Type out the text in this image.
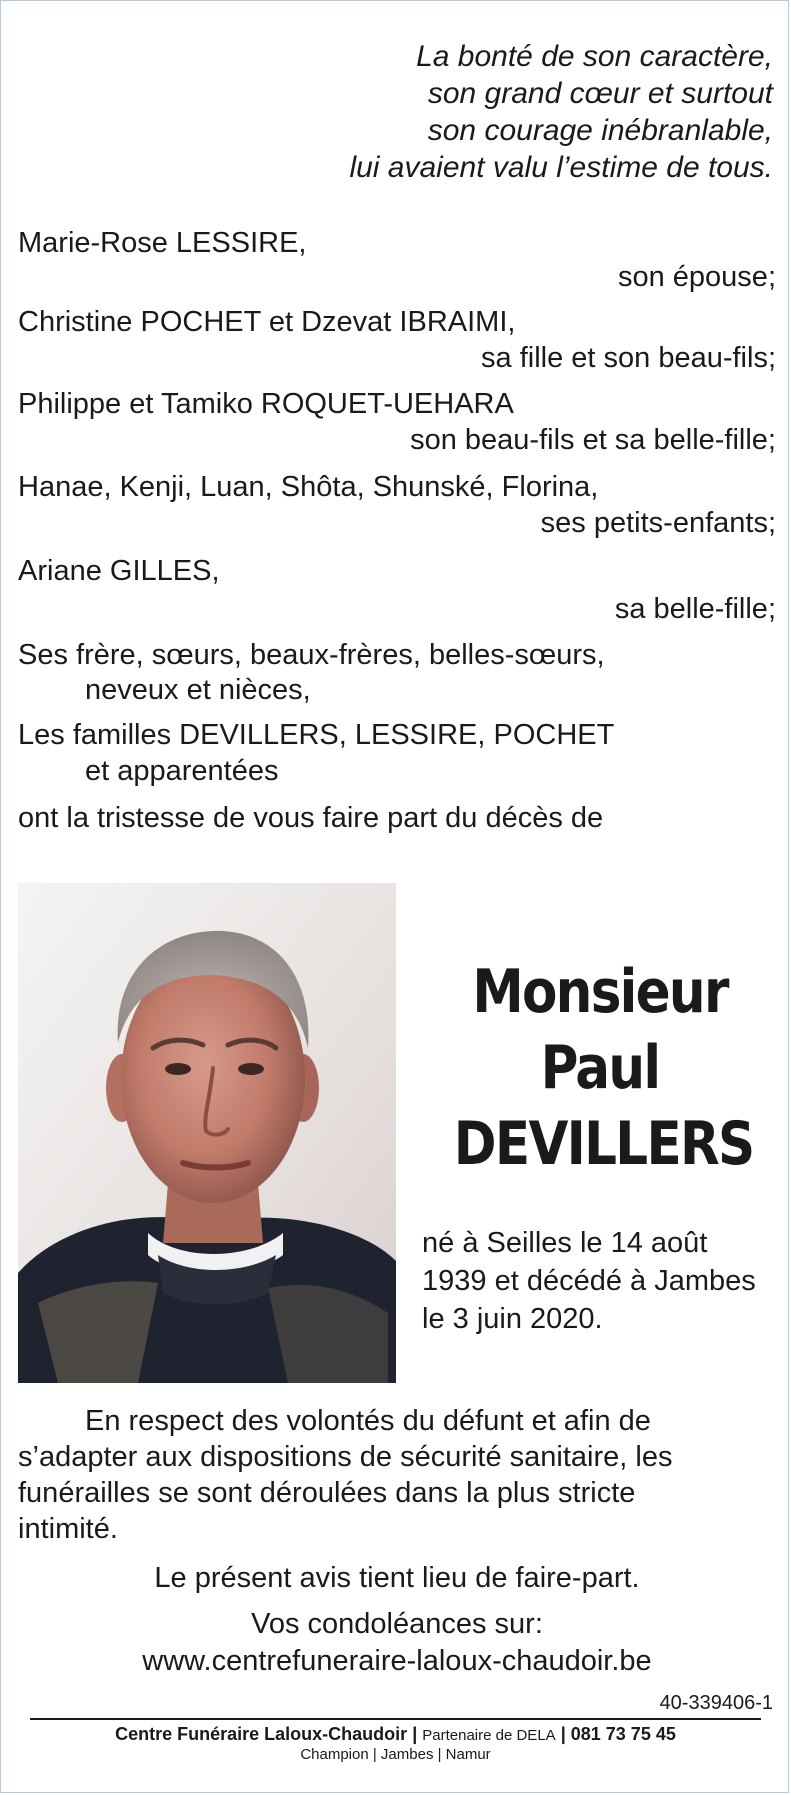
La bonté de son caractère,
son grand cœur et surtout
son courage inébranlable,
lui avaient valu l’estime de tous.
Marie-Rose LESSIRE,
son épouse;
Christine POCHET et Dzevat IBRAIMI,
sa fille et son beau-fils;
Philippe et Tamiko ROQUET-UEHARA
son beau-fils et sa belle-fille;
Hanae, Kenji, Luan, Shôta, Shunské, Florina,
ses petits-enfants;
Ariane GILLES,
sa belle-fille;
Ses frère, sœurs, beaux-frères, belles-sœurs,
neveux et nièces,
Les familles DEVILLERS, LESSIRE, POCHET
et apparentées
ont la tristesse de vous faire part du décès de
Monsieur
Paul
DEVILLERS
né à Seilles le 14 août
1939 et décédé à Jambes
le 3 juin 2020.
En respect des volontés du défunt et afin de
s’adapter aux dispositions de sécurité sanitaire, les
funérailles se sont déroulées dans la plus stricte
intimité.
Le présent avis tient lieu de faire-part.
Vos condoléances sur:
www.centrefuneraire-laloux-chaudoir.be
40-339406-1
Centre Funéraire Laloux-Chaudoir | Partenaire de DELA | 081 73 75 45
Champion | Jambes | Namur
